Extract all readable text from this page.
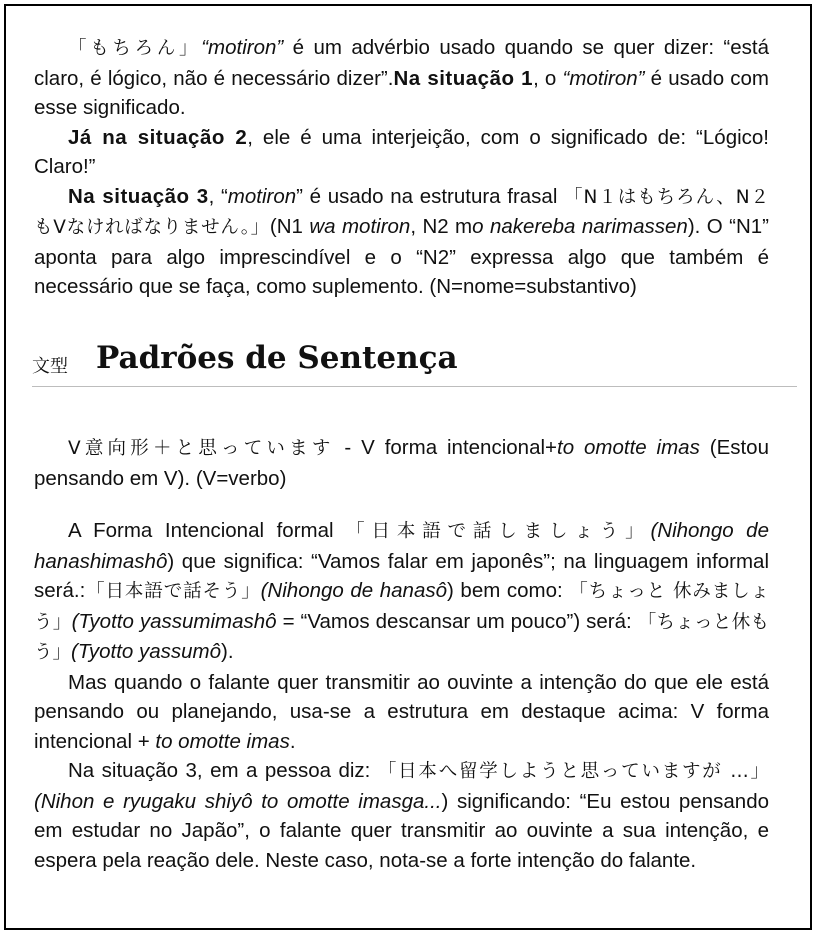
「もちろん」“motiron” é um advérbio usado quando se quer dizer: “está claro, é lógico, não é necessário dizer”.Na situação 1, o “motiron” é usado com esse significado.

Já na situação 2, ele é uma interjeição, com o significado de: “Lógico! Claro!”

Na situação 3, “motiron” é usado na estrutura frasal 「N１はもちろん、N２もVなければなりません。」(N1 wa motiron, N2 mo nakereba narimassen). O “N1” aponta para algo imprescindível e o “N2” expressa algo que também é necessário que se faça, como suplemento. (N=nome=substantivo)

文型 Padrões de Sentença

V意向形＋と思っています - V forma intencional+to omotte imas (Estou pensando em V). (V=verbo)

A Forma Intencional formal 「日本語で話しましょう」(Nihongo de hanashimashô) que significa: “Vamos falar em japonês”; na linguagem informal será.:「日本語で話そう」(Nihongo de hanasô) bem como: 「ちょっと 休みましょう」(Tyotto yassumimashô = “Vamos descansar um pouco”) será: 「ちょっと休もう」(Tyotto yassumô).

Mas quando o falante quer transmitir ao ouvinte a intenção do que ele está pensando ou planejando, usa-se a estrutura em destaque acima: V forma intencional + to omotte imas.

Na situação 3, em a pessoa diz: 「日本へ留学しようと思っていますが …」(Nihon e ryugaku shiyô to omotte imasga...) significando: “Eu estou pensando em estudar no Japão”, o falante quer transmitir ao ouvinte a sua intenção, e espera pela reação dele. Neste caso, nota-se a forte intenção do falante.
